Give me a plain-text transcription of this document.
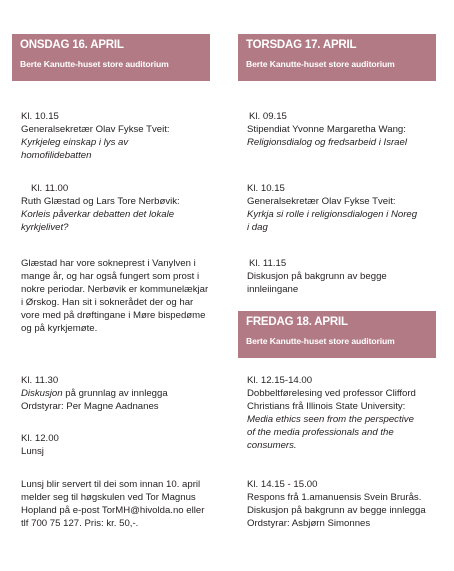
ONSDAG 16. APRIL
Berte Kanutte-huset store auditorium
Kl. 10.15
Generalsekretær Olav Fykse Tveit:
Kyrkjeleg einskap i lys av
homofilidebatten
Kl. 11.00
Ruth Glæstad og Lars Tore Nerbøvik:
Korleis påverkar debatten det lokale
kyrkjelivet?
Glæstad har vore sokneprest i Vanylven i
mange år, og har også fungert som prost i
nokre periodar. Nerbøvik er kommunelækjar
i Ørskog. Han sit i soknerådet der og har
vore med på drøftingane i Møre bispedøme
og på kyrkjemøte.
Kl. 11.30
Diskusjon på grunnlag av innlegga
Ordstyrar: Per Magne Aadnanes
Kl. 12.00
Lunsj
Lunsj blir servert til dei som innan 10. april
melder seg til høgskulen ved Tor Magnus
Hopland på e-post TorMH@hivolda.no eller
tlf 700 75 127. Pris: kr. 50,-.
TORSDAG 17. APRIL
Berte Kanutte-huset store auditorium
Kl. 09.15
Stipendiat Yvonne Margaretha Wang:
Religionsdialog og fredsarbeid i Israel
Kl. 10.15
Generalsekretær Olav Fykse Tveit:
Kyrkja si rolle i religionsdialogen i Noreg
i dag
Kl. 11.15
Diskusjon på bakgrunn av begge
innleiingane
FREDAG 18. APRIL
Berte Kanutte-huset store auditorium
Kl. 12.15-14.00
Dobbeltførelesing ved professor Clifford
Christians frå Illinois State University:
Media ethics seen from the perspective
of the media professionals and the
consumers.
Kl. 14.15 - 15.00
Respons frå 1.amanuensis Svein Brurås.
Diskusjon på bakgrunn av begge innlegga
Ordstyrar: Asbjørn Simonnes
